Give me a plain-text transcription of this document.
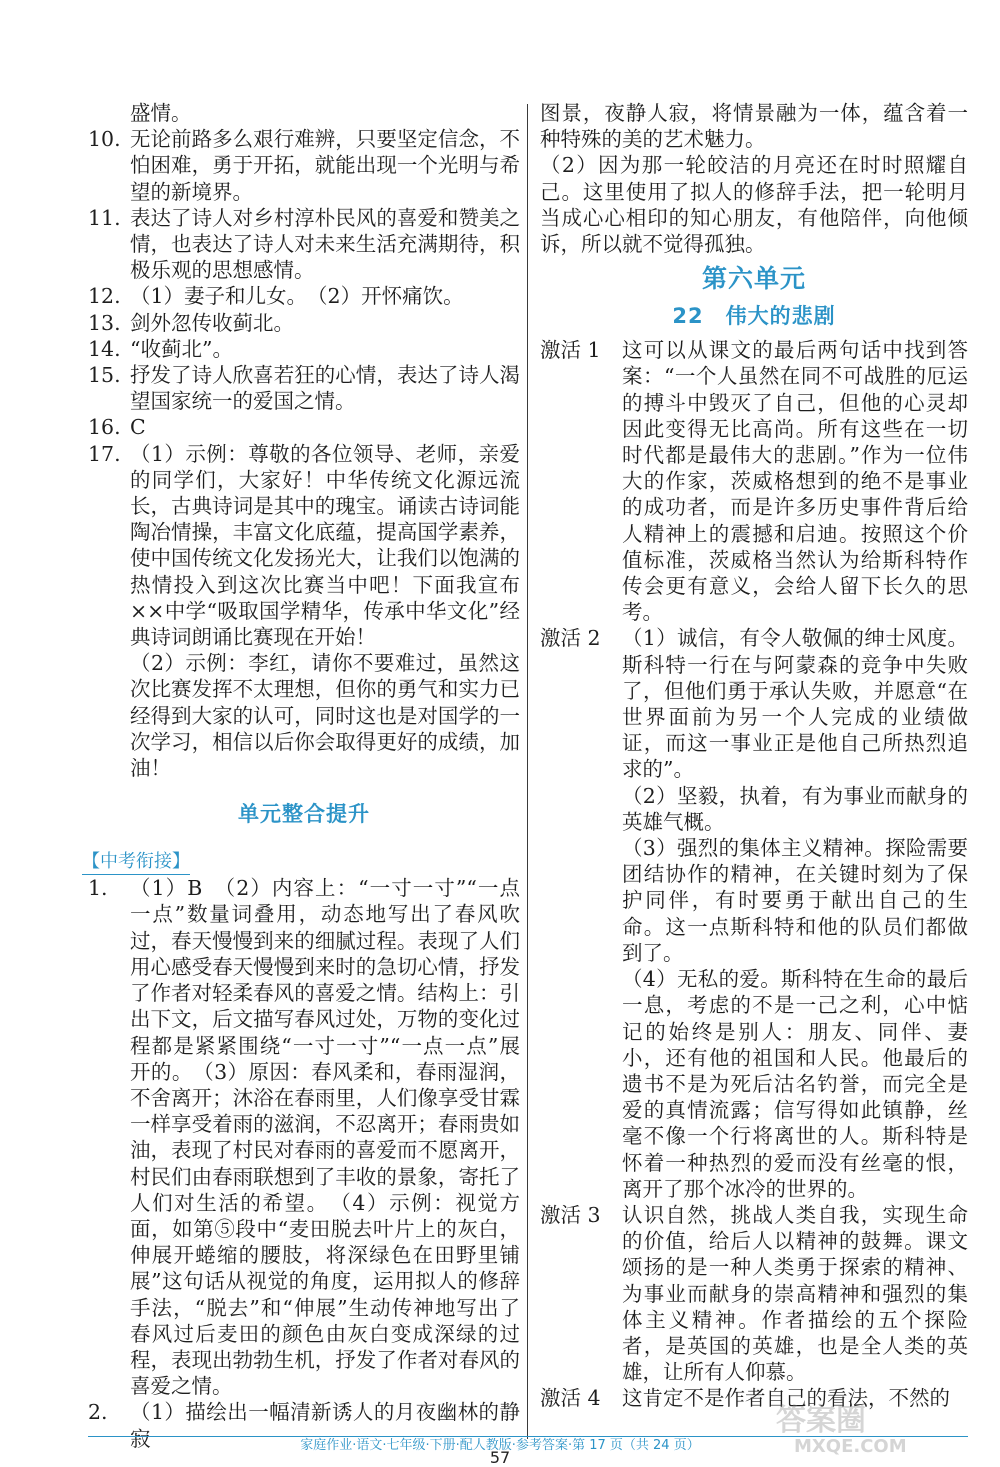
盛情。
10. 无论前路多么艰行难辨，只要坚定信念，不怕困难，勇于开拓，就能出现一个光明与希望的新境界。
11. 表达了诗人对乡村淳朴民风的喜爱和赞美之情，也表达了诗人对未来生活充满期待，积极乐观的思想感情。
12. （1）妻子和儿女。　（2）开怀痛饮。
13. 剑外忽传收蓟北。
14. “收蓟北”。
15. 抒发了诗人欣喜若狂的心情，表达了诗人渴望国家统一的爱国之情。
16. C
17. （1）示例：尊敬的各位领导、老师，亲爱的同学们，大家好！中华传统文化源远流长，古典诗词是其中的瑰宝。诵读古诗词能陶冶情操，丰富文化底蕴，提高国学素养，使中国传统文化发扬光大，让我们以饱满的热情投入到这次比赛当中吧！下面我宣布××中学“吸取国学精华，传承中华文化”经典诗词朗诵比赛现在开始！
（2）示例：李红，请你不要难过，虽然这次比赛发挥不太理想，但你的勇气和实力已经得到大家的认可，同时这也是对国学的一次学习，相信以后你会取得更好的成绩，加油！
单元整合提升
【中考衔接】
1.	（1）B　（2）内容上：“一寸一寸”“一点一点”数量词叠用，动态地写出了春风吹过，春天慢慢到来的细腻过程。表现了人们用心感受春天慢慢到来时的急切心情，抒发了作者对轻柔春风的喜爱之情。结构上：引出下文，后文描写春风过处，万物的变化过程都是紧紧围绕“一寸一寸”“一点一点”展开的。　（3）原因：春风柔和，春雨湿润，不舍离开；沐浴在春雨里，人们像享受甘霖一样享受着雨的滋润，不忍离开；春雨贵如油，表现了村民对春雨的喜爱而不愿离开，村民们由春雨联想到了丰收的景象，寄托了人们对生活的希望。　（4）示例：视觉方面，如第⑤段中“麦田脱去叶片上的灰白，伸展开蜷缩的腰肢，将深绿色在田野里铺展”这句话从视觉的角度，运用拟人的修辞手法，“脱去”和“伸展”生动传神地写出了春风过后麦田的颜色由灰白变成深绿的过程，表现出勃勃生机，抒发了作者对春风的喜爱之情。
2.	（1）描绘出一幅清新诱人的月夜幽林的静寂
图景，夜静人寂，将情景融为一体，蕴含着一种特殊的美的艺术魅力。
（2）因为那一轮皎洁的月亮还在时时照耀自己。这里使用了拟人的修辞手法，把一轮明月当成心心相印的知心朋友，有他陪伴，向他倾诉，所以就不觉得孤独。
第六单元
22　伟大的悲剧
激活 1	这可以从课文的最后两句话中找到答案：“一个人虽然在同不可战胜的厄运的搏斗中毁灭了自己，但他的心灵却因此变得无比高尚。所有这些在一切时代都是最伟大的悲剧。”作为一位伟大的作家，茨威格想到的绝不是事业的成功者，而是许多历史事件背后给人精神上的震撼和启迪。按照这个价值标准，茨威格当然认为给斯科特作传会更有意义，会给人留下长久的思考。
激活 2	（1）诚信，有令人敬佩的绅士风度。斯科特一行在与阿蒙森的竞争中失败了，但他们勇于承认失败，并愿意“在世界面前为另一个人完成的业绩做证，而这一事业正是他自己所热烈追求的”。
（2）坚毅，执着，有为事业而献身的英雄气概。
（3）强烈的集体主义精神。探险需要团结协作的精神，在关键时刻为了保护同伴，有时要勇于献出自己的生命。这一点斯科特和他的队员们都做到了。
（4）无私的爱。斯科特在生命的最后一息，考虑的不是一己之利，心中惦记的始终是别人：朋友、同伴、妻小，还有他的祖国和人民。他最后的遗书不是为死后沽名钓誉，而完全是爱的真情流露；信写得如此镇静，丝毫不像一个行将离世的人。斯科特是怀着一种热烈的爱而没有丝毫的恨，离开了那个冰冷的世界的。
激活 3	认识自然，挑战人类自我，实现生命的价值，给后人以精神的鼓舞。课文颂扬的是一种人类勇于探索的精神、为事业而献身的崇高精神和强烈的集体主义精神。作者描绘的五个探险者，是英国的英雄，也是全人类的英雄，让所有人仰慕。
激活 4	这肯定不是作者自己的看法，不然的
家庭作业·语文·七年级·下册·配人教版·参考答案·第 17 页（共 24 页）
57
答案圈
MXQE.COM
